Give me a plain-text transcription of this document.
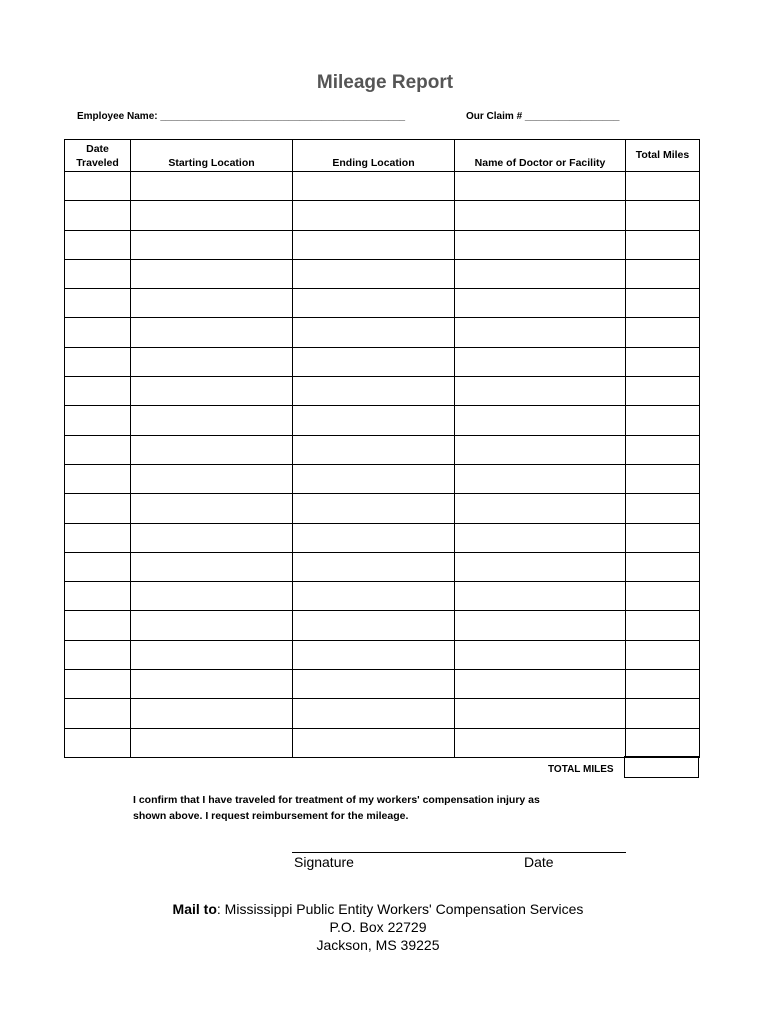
Mileage Report
Employee Name: ____________________________________________	Our Claim # _________________
Date
Traveled	Starting Location	Ending Location	Name of Doctor or Facility	Total Miles

TOTAL MILES
I confirm that I have traveled for treatment of my workers' compensation injury as
shown above. I request reimbursement for the mileage.
Signature	Date
Mail to: Mississippi Public Entity Workers' Compensation Services
P.O. Box 22729
Jackson, MS 39225
